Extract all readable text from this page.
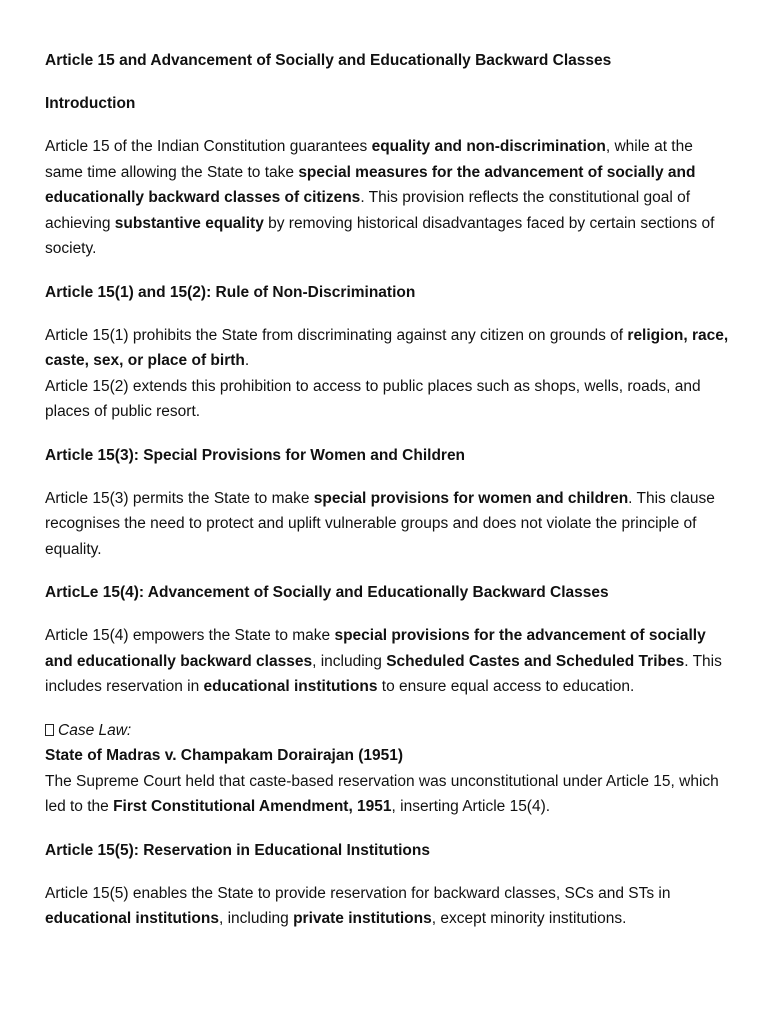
Article 15 and Advancement of Socially and Educationally Backward Classes
Introduction
Article 15 of the Indian Constitution guarantees equality and non-discrimination, while at the same time allowing the State to take special measures for the advancement of socially and educationally backward classes of citizens. This provision reflects the constitutional goal of achieving substantive equality by removing historical disadvantages faced by certain sections of society.
Article 15(1) and 15(2): Rule of Non-Discrimination
Article 15(1) prohibits the State from discriminating against any citizen on grounds of religion, race, caste, sex, or place of birth.
Article 15(2) extends this prohibition to access to public places such as shops, wells, roads, and places of public resort.
Article 15(3): Special Provisions for Women and Children
Article 15(3) permits the State to make special provisions for women and children. This clause recognises the need to protect and uplift vulnerable groups and does not violate the principle of equality.
ArticLe 15(4): Advancement of Socially and Educationally Backward Classes
Article 15(4) empowers the State to make special provisions for the advancement of socially and educationally backward classes, including Scheduled Castes and Scheduled Tribes. This includes reservation in educational institutions to ensure equal access to education.
Case Law:
State of Madras v. Champakam Dorairajan (1951)
The Supreme Court held that caste-based reservation was unconstitutional under Article 15, which led to the First Constitutional Amendment, 1951, inserting Article 15(4).
Article 15(5): Reservation in Educational Institutions
Article 15(5) enables the State to provide reservation for backward classes, SCs and STs in educational institutions, including private institutions, except minority institutions.
